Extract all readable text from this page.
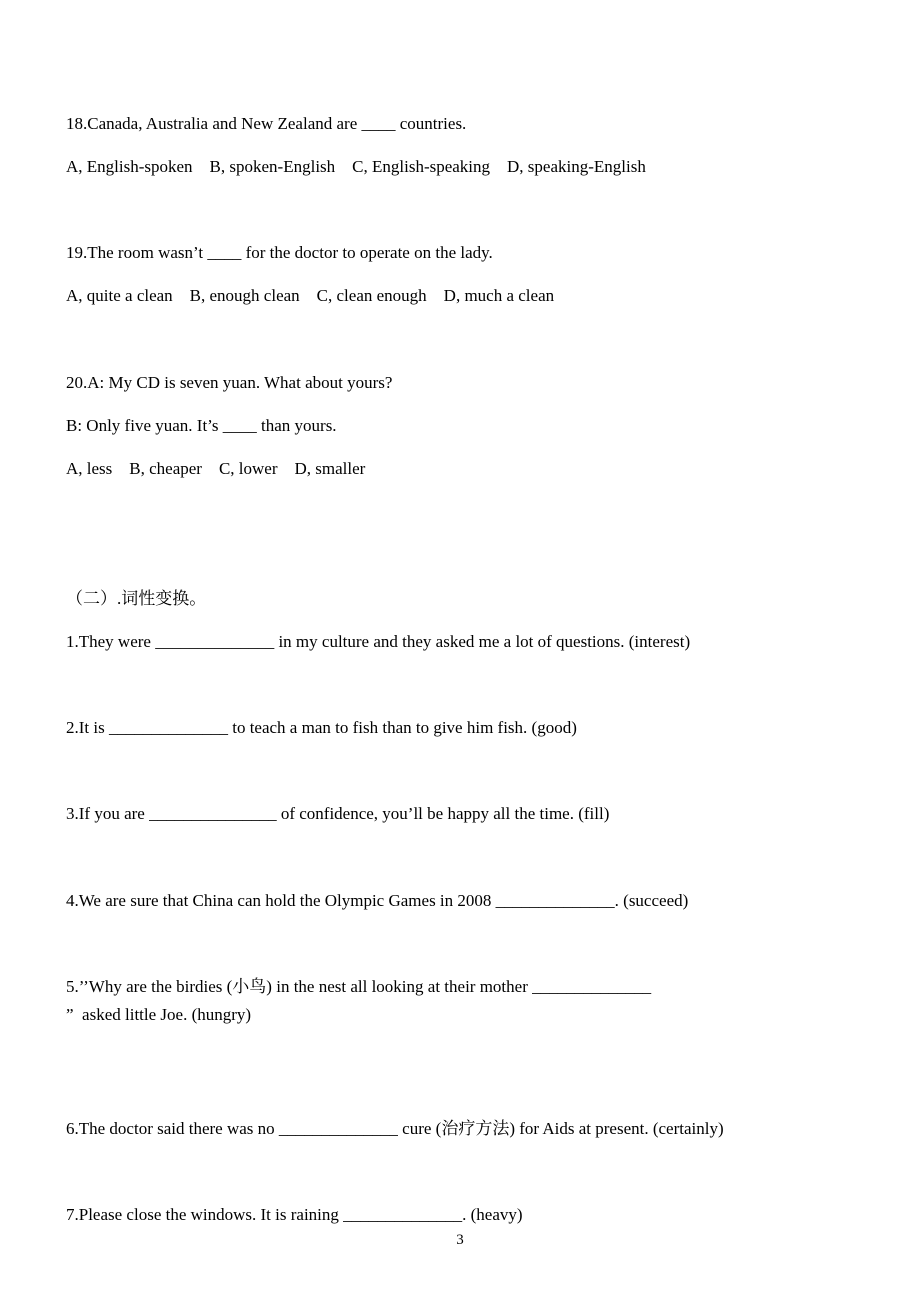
18.Canada, Australia and New Zealand are ____ countries.
A, English-spoken    B, spoken-English    C, English-speaking    D, speaking-English
19.The room wasn’t ____ for the doctor to operate on the lady.
A, quite a clean    B, enough clean    C, clean enough    D, much a clean
20.A: My CD is seven yuan. What about yours?
B: Only five yuan. It’s ____ than yours.
A, less    B, cheaper    C, lower    D, smaller
（二）.词性变换。
1.They were ______________ in my culture and they asked me a lot of questions. (interest)
2.It is ______________ to teach a man to fish than to give him fish. (good)
3.If you are _______________ of confidence, you’ll be happy all the time. (fill)
4.We are sure that China can hold the Olympic Games in 2008 ______________. (succeed)
5.’’Why are the birdies (小鸟) in the nest all looking at their mother ______________
”  asked little Joe. (hungry)
6.The doctor said there was no ______________ cure (治疗方法) for Aids at present. (certainly)
7.Please close the windows. It is raining ______________. (heavy)
3
